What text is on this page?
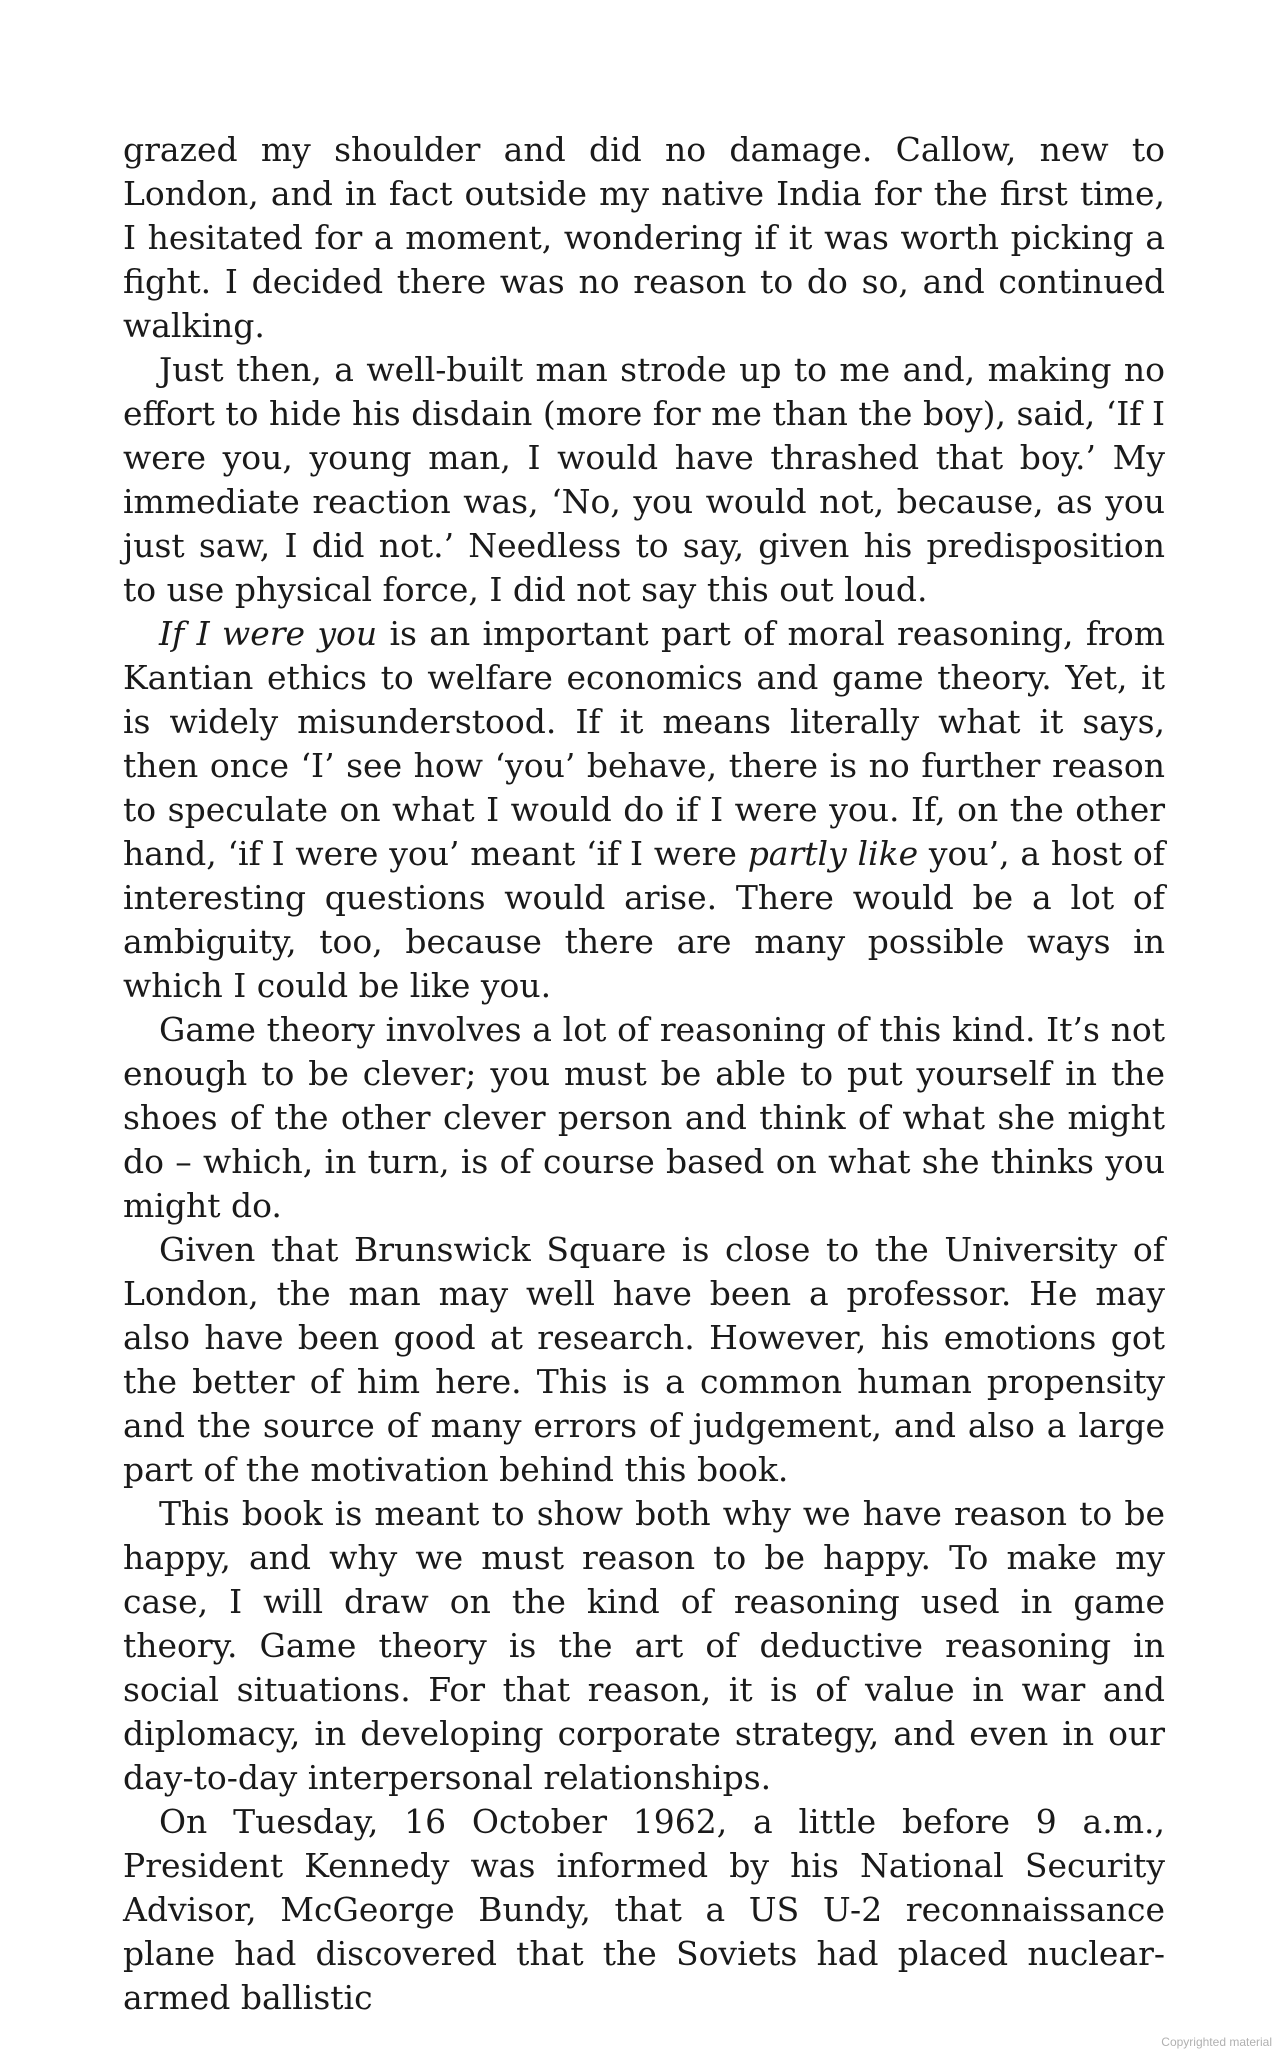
grazed my shoulder and did no damage. Callow, new to London, and in fact outside my native India for the first time, I hesitated for a moment, wondering if it was worth picking a fight. I decided there was no reason to do so, and continued walking.

Just then, a well-built man strode up to me and, making no effort to hide his disdain (more for me than the boy), said, ‘If I were you, young man, I would have thrashed that boy.’ My immediate reaction was, ‘No, you would not, because, as you just saw, I did not.’ Needless to say, given his predisposition to use physical force, I did not say this out loud.

If I were you is an important part of moral reasoning, from Kantian ethics to welfare economics and game theory. Yet, it is widely misunderstood. If it means literally what it says, then once ‘I’ see how ‘you’ behave, there is no further reason to speculate on what I would do if I were you. If, on the other hand, ‘if I were you’ meant ‘if I were partly like you’, a host of interesting questions would arise. There would be a lot of ambiguity, too, because there are many possible ways in which I could be like you.

Game theory involves a lot of reasoning of this kind. It’s not enough to be clever; you must be able to put yourself in the shoes of the other clever person and think of what she might do – which, in turn, is of course based on what she thinks you might do.

Given that Brunswick Square is close to the University of London, the man may well have been a professor. He may also have been good at research. However, his emotions got the better of him here. This is a common human propensity and the source of many errors of judgement, and also a large part of the motivation behind this book.

This book is meant to show both why we have reason to be happy, and why we must reason to be happy. To make my case, I will draw on the kind of reasoning used in game theory. Game theory is the art of deductive reasoning in social situations. For that reason, it is of value in war and diplomacy, in developing corporate strategy, and even in our day-to-day interpersonal relationships.

On Tuesday, 16 October 1962, a little before 9 a.m., President Kennedy was informed by his National Security Advisor, McGeorge Bundy, that a US U-2 reconnaissance plane had discovered that the Soviets had placed nuclear-armed ballistic

Copyrighted material
